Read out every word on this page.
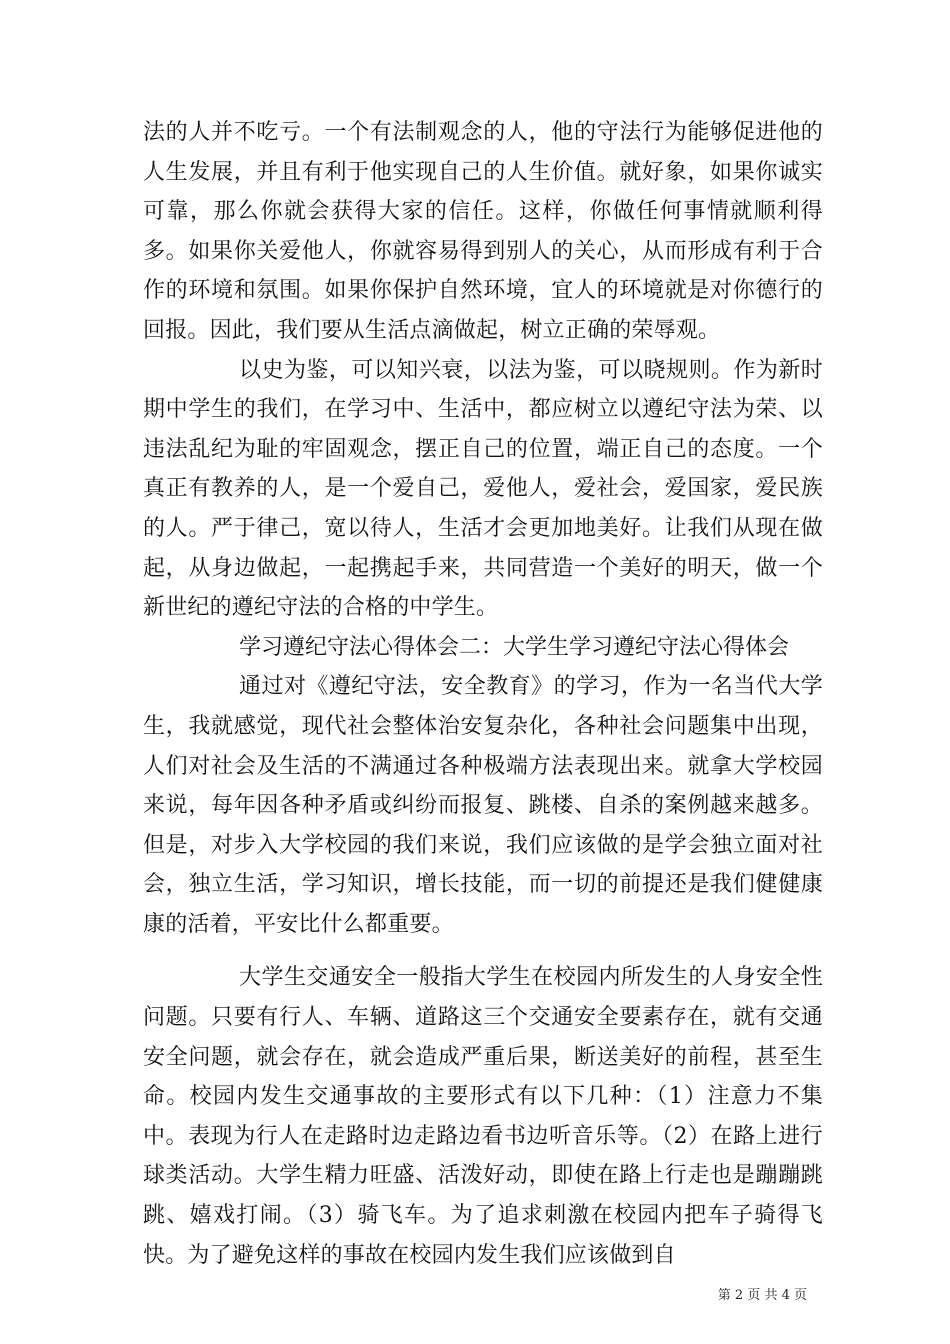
法的人并不吃亏。一个有法制观念的人，他的守法行为能够促进他的人生发展，并且有利于他实现自己的人生价值。就好象，如果你诚实可靠，那么你就会获得大家的信任。这样，你做任何事情就顺利得多。如果你关爱他人，你就容易得到别人的关心，从而形成有利于合作的环境和氛围。如果你保护自然环境，宜人的环境就是对你德行的回报。因此，我们要从生活点滴做起，树立正确的荣辱观。

以史为鉴，可以知兴衰，以法为鉴，可以晓规则。作为新时期中学生的我们，在学习中、生活中，都应树立以遵纪守法为荣、以违法乱纪为耻的牢固观念，摆正自己的位置，端正自己的态度。一个真正有教养的人，是一个爱自己，爱他人，爱社会，爱国家，爱民族的人。严于律己，宽以待人，生活才会更加地美好。让我们从现在做起，从身边做起，一起携起手来，共同营造一个美好的明天，做一个新世纪的遵纪守法的合格的中学生。

学习遵纪守法心得体会二：大学生学习遵纪守法心得体会

通过对《遵纪守法，安全教育》的学习，作为一名当代大学生，我就感觉，现代社会整体治安复杂化，各种社会问题集中出现，人们对社会及生活的不满通过各种极端方法表现出来。就拿大学校园来说，每年因各种矛盾或纠纷而报复、跳楼、自杀的案例越来越多。但是，对步入大学校园的我们来说，我们应该做的是学会独立面对社会，独立生活，学习知识，增长技能，而一切的前提还是我们健健康康的活着，平安比什么都重要。

大学生交通安全一般指大学生在校园内所发生的人身安全性问题。只要有行人、车辆、道路这三个交通安全要素存在，就有交通安全问题，就会存在，就会造成严重后果，断送美好的前程，甚至生命。校园内发生交通事故的主要形式有以下几种：（1）注意力不集中。表现为行人在走路时边走路边看书边听音乐等。（2）在路上进行球类活动。大学生精力旺盛、活泼好动，即使在路上行走也是蹦蹦跳跳、嬉戏打闹。（3）骑飞车。为了追求刺激在校园内把车子骑得飞快。为了避免这样的事故在校园内发生我们应该做到自

第 2 页 共 4 页
